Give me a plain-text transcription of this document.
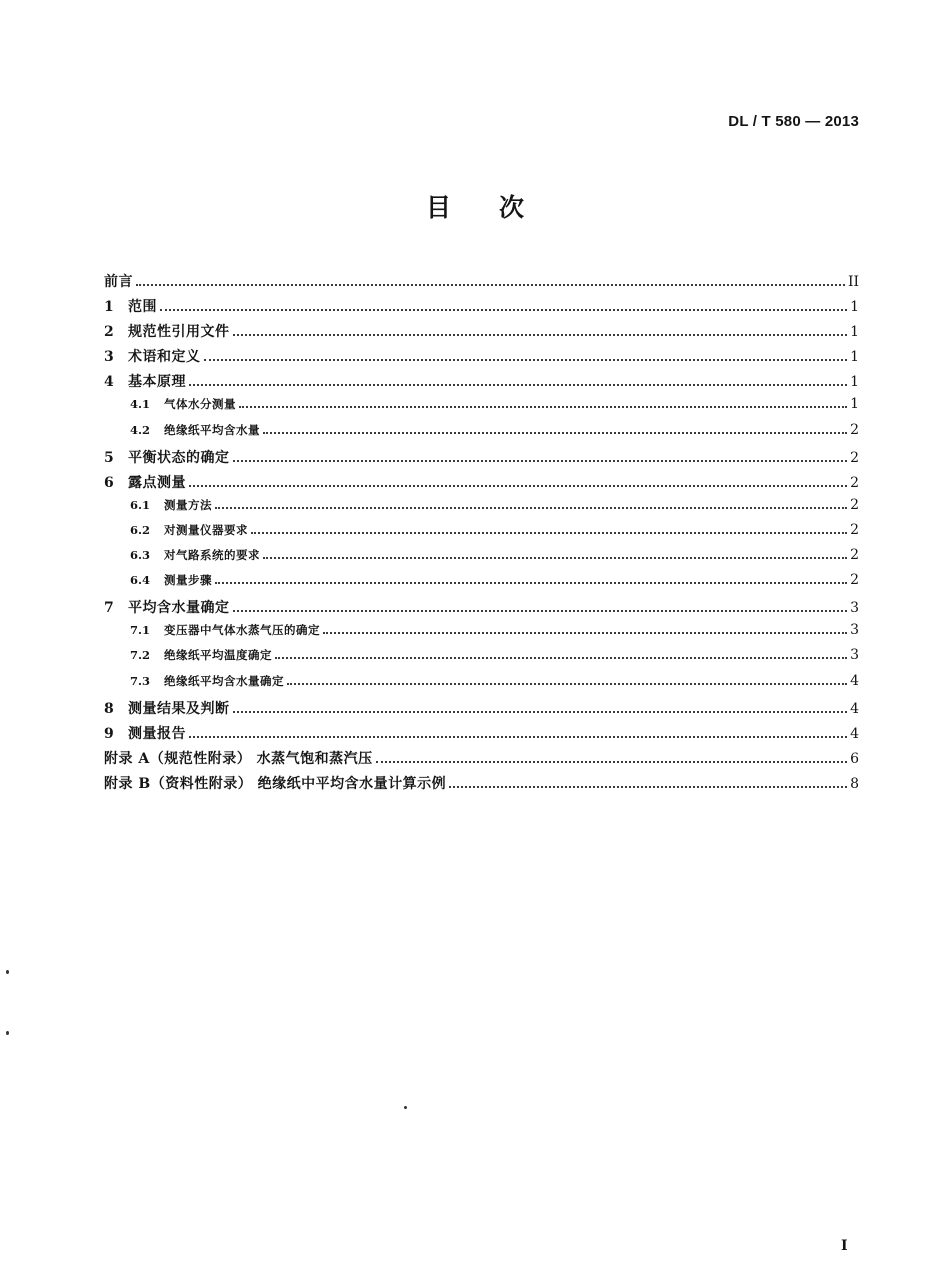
DL / T 580 — 2013
目次
前言	II
1	范围	1
2	规范性引用文件	1
3	术语和定义	1
4	基本原理	1
4.1	气体水分测量	1
4.2	绝缘纸平均含水量	2
5	平衡状态的确定	2
6	露点测量	2
6.1	测量方法	2
6.2	对测量仪器要求	2
6.3	对气路系统的要求	2
6.4	测量步骤	2
7	平均含水量确定	3
7.1	变压器中气体水蒸气压的确定	3
7.2	绝缘纸平均温度确定	3
7.3	绝缘纸平均含水量确定	4
8	测量结果及判断	4
9	测量报告	4
附录 A（规范性附录） 水蒸气饱和蒸汽压	6
附录 B（资料性附录） 绝缘纸中平均含水量计算示例	8
I
